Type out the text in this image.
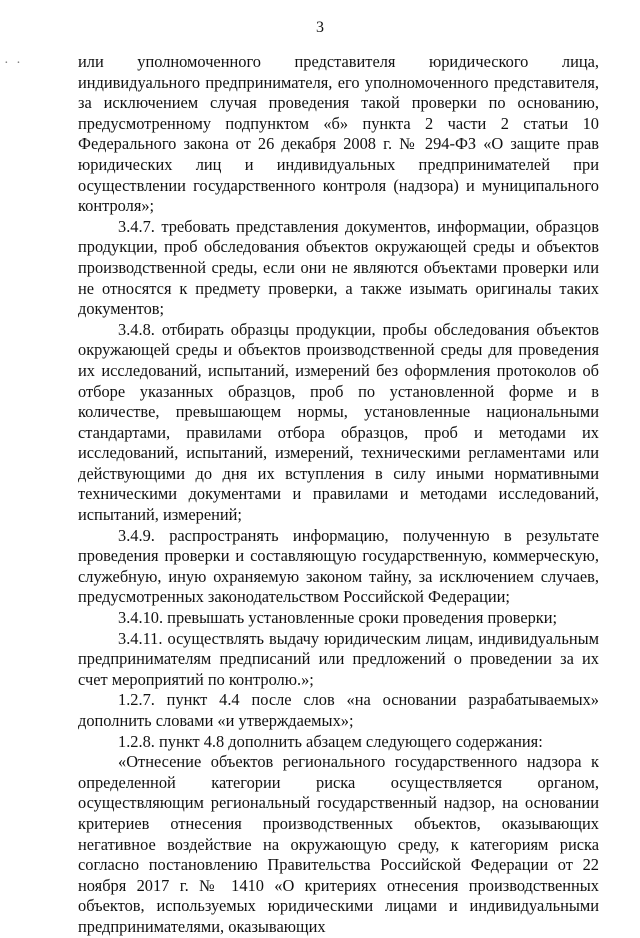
3
· ·	или уполномоченного представителя юридического лица, индивидуального предпринимателя, его уполномоченного представителя, за исключением случая проведения такой проверки по основанию, предусмотренному подпунктом «б» пункта 2 части 2 статьи 10 Федерального закона от 26 декабря 2008 г. № 294-ФЗ «О защите прав юридических лиц и индивидуальных предпринимателей при осуществлении государственного контроля (надзора) и муниципального контроля»;

3.4.7. требовать представления документов, информации, образцов продукции, проб обследования объектов окружающей среды и объектов производственной среды, если они не являются объектами проверки или не относятся к предмету проверки, а также изымать оригиналы таких документов;

3.4.8. отбирать образцы продукции, пробы обследования объектов окружающей среды и объектов производственной среды для проведения их исследований, испытаний, измерений без оформления протоколов об отборе указанных образцов, проб по установленной форме и в количестве, превышающем нормы, установленные национальными стандартами, правилами отбора образцов, проб и методами их исследований, испытаний, измерений, техническими регламентами или действующими до дня их вступления в силу иными нормативными техническими документами и правилами и методами исследований, испытаний, измерений;

3.4.9. распространять информацию, полученную в результате проведения проверки и составляющую государственную, коммерческую, служебную, иную охраняемую законом тайну, за исключением случаев, предусмотренных законодательством Российской Федерации;

3.4.10. превышать установленные сроки проведения проверки;

3.4.11. осуществлять выдачу юридическим лицам, индивидуальным предпринимателям предписаний или предложений о проведении за их счет мероприятий по контролю.»;

1.2.7. пункт 4.4 после слов «на основании разрабатываемых» дополнить словами «и утверждаемых»;

1.2.8. пункт 4.8 дополнить абзацем следующего содержания:

«Отнесение объектов регионального государственного надзора к определенной категории риска осуществляется органом, осуществляющим региональный государственный надзор, на основании критериев отнесения производственных объектов, оказывающих негативное воздействие на окружающую среду, к категориям риска согласно постановлению Правительства Российской Федерации от 22 ноября 2017 г. № 1410 «О критериях отнесения производственных объектов, используемых юридическими лицами и индивидуальными предпринимателями, оказывающих
